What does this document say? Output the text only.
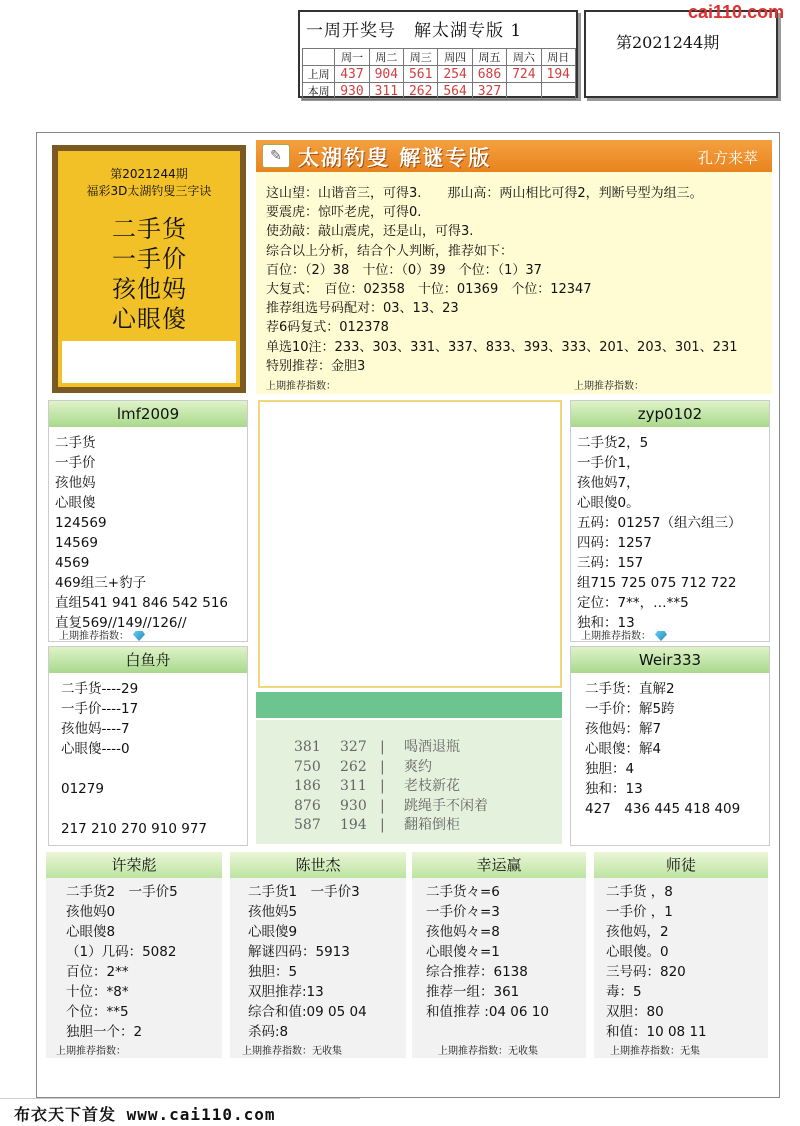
一周开奖号　解太湖专版 1
	周一	周二	周三	周四	周五	周六	周日
上周	437	904	561	254	686	724	194
本周	930	311	262	564	327		
第2021244期
cai110.com
第2021244期
福彩3D太湖钓叟三字诀
二手货
一手价
孩他妈
心眼傻
✎ 太湖钓叟 解谜专版	孔方来萃
这山望：山谐音三，可得3.　　那山高：两山相比可得2，判断号型为组三。
要震虎：惊吓老虎，可得0.
使劲敲：敲山震虎，还是山，可得3.
综合以上分析，结合个人判断，推荐如下：
百位：（2）38　十位：（0）39　个位：（1）37
大复式：　百位：02358　十位：01369　个位：12347
推荐组选号码配对：03、13、23
荐6码复式：012378
单选10注：233、303、331、337、833、393、333、201、203、301、231
特别推荐：金胆3
上期推荐指数：	上期推荐指数：
lmf2009
二手货
一手价
孩他妈
心眼傻
124569
14569
4569
469组三+豹子
直组541 941 846 542 516
直复569//149//126//
上期推荐指数：
zyp0102
二手货2，5
一手价1，
孩他妈7，
心眼傻0。
五码：01257（组六组三）
四码：1257
三码：157
组715 725 075 712 722
定位：7**，…**5
独和：13
上期推荐指数：
白鱼舟
二手货----29
一手价----17
孩他妈----7
心眼傻----0
01279
217 210 270 910 977
Weir333
二手货：直解2
一手价：解5跨
孩他妈：解7
心眼傻：解4
独胆：4
独和：13
427　436 445 418 409
381 327 | 喝酒退瓶
750 262 | 爽约
186 311 | 老枝新花
876 930 | 跳绳手不闲着
587 194 | 翻箱倒柜
许荣彪
二手货2　一手价5
孩他妈0
心眼傻8
（1）几码：5082
百位：2**
十位：*8*
个位：**5
独胆一个：2
上期推荐指数：
陈世杰
二手货1　一手价3
孩他妈5
心眼傻9
解谜四码：5913
独胆：5
双胆推荐:13
综合和值:09 05 04
杀码:8
上期推荐指数：无收集
幸运赢
二手货々=6
一手价々=3
孩他妈々=8
心眼傻々=1
综合推荐：6138
推荐一组：361
和值推荐 :04 06 10
上期推荐指数：无收集
师徒
二手货 ，8
一手价 ，1
孩他妈，2
心眼傻。0
三号码：820
毒：5
双胆：80
和值：10 08 11
上期推荐指数：无集
布衣天下首发 www.cai110.com
